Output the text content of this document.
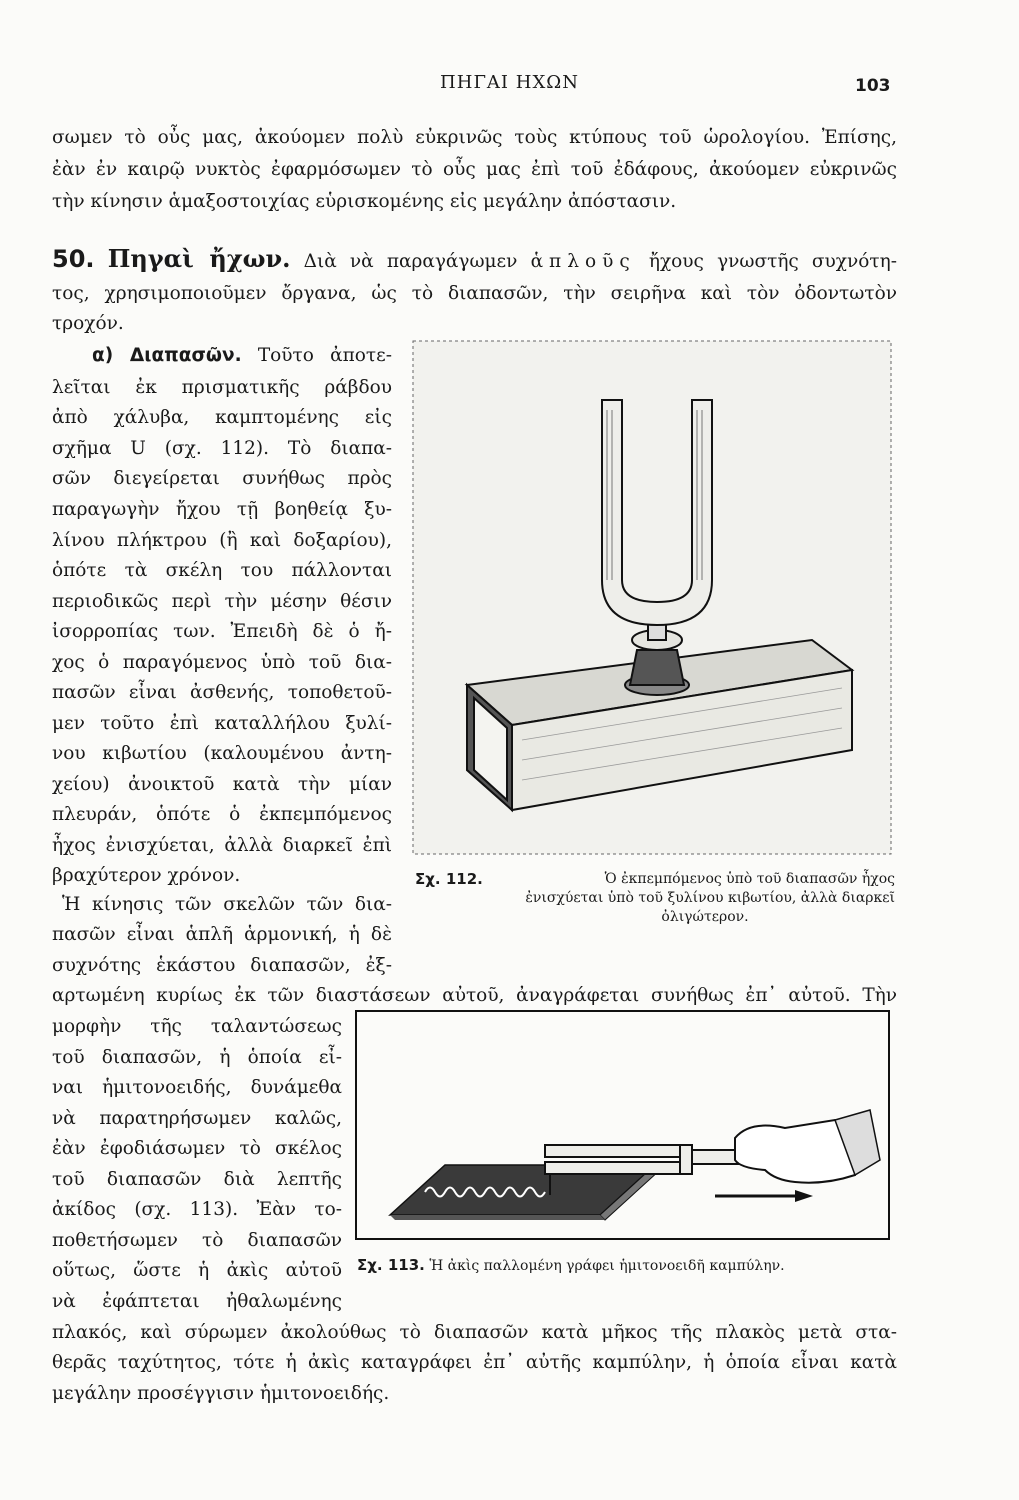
ΠΗΓΑΙ ΗΧΩΝ	103
σωμεν τὸ οὖς μας, ἀκούομεν πολὺ εὐκρινῶς τοὺς κτύπους τοῦ ὡρολογίου. Ἐπίσης,
ἐὰν ἐν καιρῷ νυκτὸς ἐφαρμόσωμεν τὸ οὖς μας ἐπὶ τοῦ ἐδάφους, ἀκούομεν εὐκρινῶς
τὴν κίνησιν ἁμαξοστοιχίας εὑρισκομένης εἰς μεγάλην ἀπόστασιν.
50. Πηγαὶ ἤχων. Διὰ νὰ παραγάγωμεν ἁπλοῦς ἤχους γνωστῆς συχνότη-
τος, χρησιμοποιοῦμεν ὄργανα, ὡς τὸ διαπασῶν, τὴν σειρῆνα καὶ τὸν ὀδοντωτὸν
τροχόν.
α) Διαπασῶν. Τοῦτο ἀποτε-
λεῖται ἐκ πρισματικῆς ράβδου
ἀπὸ χάλυβα, καμπτομένης εἰς
σχῆμα U (σχ. 112). Τὸ διαπα-
σῶν διεγείρεται συνήθως πρὸς
παραγωγὴν ἤχου τῇ βοηθείᾳ ξυ-
λίνου πλήκτρου (ἢ καὶ δοξαρίου),
ὁπότε τὰ σκέλη του πάλλονται
περιοδικῶς περὶ τὴν μέσην θέσιν
ἰσορροπίας των. Ἐπειδὴ δὲ ὁ ἤ-
χος ὁ παραγόμενος ὑπὸ τοῦ δια-
πασῶν εἶναι ἀσθενής, τοποθετοῦ-
μεν τοῦτο ἐπὶ καταλλήλου ξυλί-
νου κιβωτίου (καλουμένου ἀντη-
χείου) ἀνοικτοῦ κατὰ τὴν μίαν
πλευράν, ὁπότε ὁ ἐκπεμπόμενος
ἦχος ἐνισχύεται, ἀλλὰ διαρκεῖ ἐπὶ
βραχύτερον χρόνον.
Ἡ κίνησις τῶν σκελῶν τῶν δια-
πασῶν εἶναι ἁπλῆ ἁρμονική, ἡ δὲ
συχνότης ἑκάστου διαπασῶν, ἐξ-
αρτωμένη κυρίως ἐκ τῶν διαστάσεων αὐτοῦ, ἀναγράφεται συνήθως ἐπ᾽ αὐτοῦ. Τὴν
μορφὴν τῆς ταλαντώσεως
τοῦ διαπασῶν, ἡ ὁποία εἶ-
ναι ἡμιτονοειδής, δυνάμεθα
νὰ παρατηρήσωμεν καλῶς,
ἐὰν ἐφοδιάσωμεν τὸ σκέλος
τοῦ διαπασῶν διὰ λεπτῆς
ἀκίδος (σχ. 113). Ἐὰν το-
ποθετήσωμεν τὸ διαπασῶν
οὕτως, ὥστε ἡ ἀκὶς αὐτοῦ
νὰ ἐφάπτεται ἠθαλωμένης
πλακός, καὶ σύρωμεν ἀκολούθως τὸ διαπασῶν κατὰ μῆκος τῆς πλακὸς μετὰ στα-
θερᾶς ταχύτητος, τότε ἡ ἀκὶς καταγράφει ἐπ᾽ αὐτῆς καμπύλην, ἡ ὁποία εἶναι κατὰ
μεγάλην προσέγγισιν ἡμιτονοειδής.
Σχ. 112.	Ὁ ἐκπεμπόμενος ὑπὸ τοῦ διαπασῶν ἦχος
ἐνισχύεται ὑπὸ τοῦ ξυλίνου κιβωτίου, ἀλλὰ διαρκεῖ
ὀλιγώτερον.
Σχ. 113. Ἡ ἀκὶς παλλομένη γράφει ἡμιτονοειδῆ καμπύλην.
